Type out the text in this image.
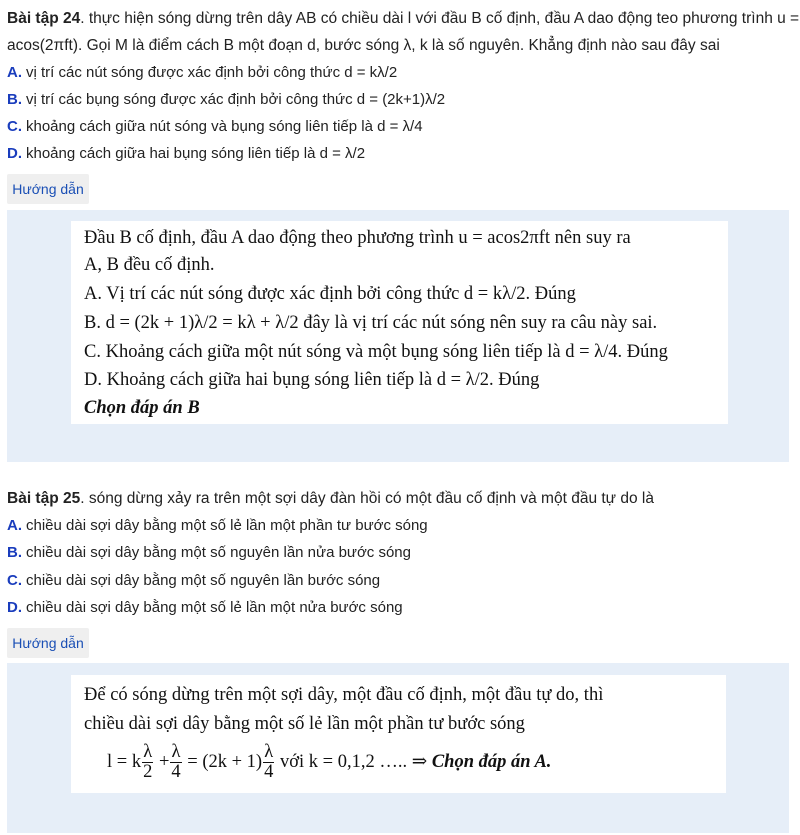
Bài tập 24. thực hiện sóng dừng trên dây AB có chiều dài l với đầu B cố định, đầu A dao động teo phương trình u =
acos(2πft). Gọi M là điểm cách B một đoạn d, bước sóng λ, k là số nguyên. Khẳng định nào sau đây sai
A. vị trí các nút sóng được xác định bởi công thức d = kλ/2
B. vị trí các bụng sóng được xác định bởi công thức d = (2k+1)λ/2
C. khoảng cách giữa nút sóng và bụng sóng liên tiếp là d = λ/4
D. khoảng cách giữa hai bụng sóng liên tiếp là d = λ/2
Hướng dẫn
Đầu B cố định, đầu A dao động theo phương trình u = acos2πft nên suy ra
A, B đều cố định.
A. Vị trí các nút sóng được xác định bởi công thức d = kλ/2. Đúng
B. d = (2k + 1)λ/2 = kλ + λ/2 đây là vị trí các nút sóng nên suy ra câu này sai.
C. Khoảng cách giữa một nút sóng và một bụng sóng liên tiếp là d = λ/4. Đúng
D. Khoảng cách giữa hai bụng sóng liên tiếp là d = λ/2. Đúng
Chọn đáp án B
Bài tập 25. sóng dừng xảy ra trên một sợi dây đàn hồi có một đầu cố định và một đầu tự do là
A. chiều dài sợi dây bằng một số lẻ lần một phần tư bước sóng
B. chiều dài sợi dây bằng một số nguyên lần nửa bước sóng
C. chiều dài sợi dây bằng một số nguyên lần bước sóng
D. chiều dài sợi dây bằng một số lẻ lần một nửa bước sóng
Hướng dẫn
Để có sóng dừng trên một sợi dây, một đầu cố định, một đầu tự do, thì
chiều dài sợi dây bằng một số lẻ lần một phần tư bước sóng
l = k $\frac{\lambda}{2} + \frac{\lambda}{4} = (2k + 1) \frac{\lambda}{4}$ với k = 0,1,2 ….. ⇒ Chọn đáp án A.
